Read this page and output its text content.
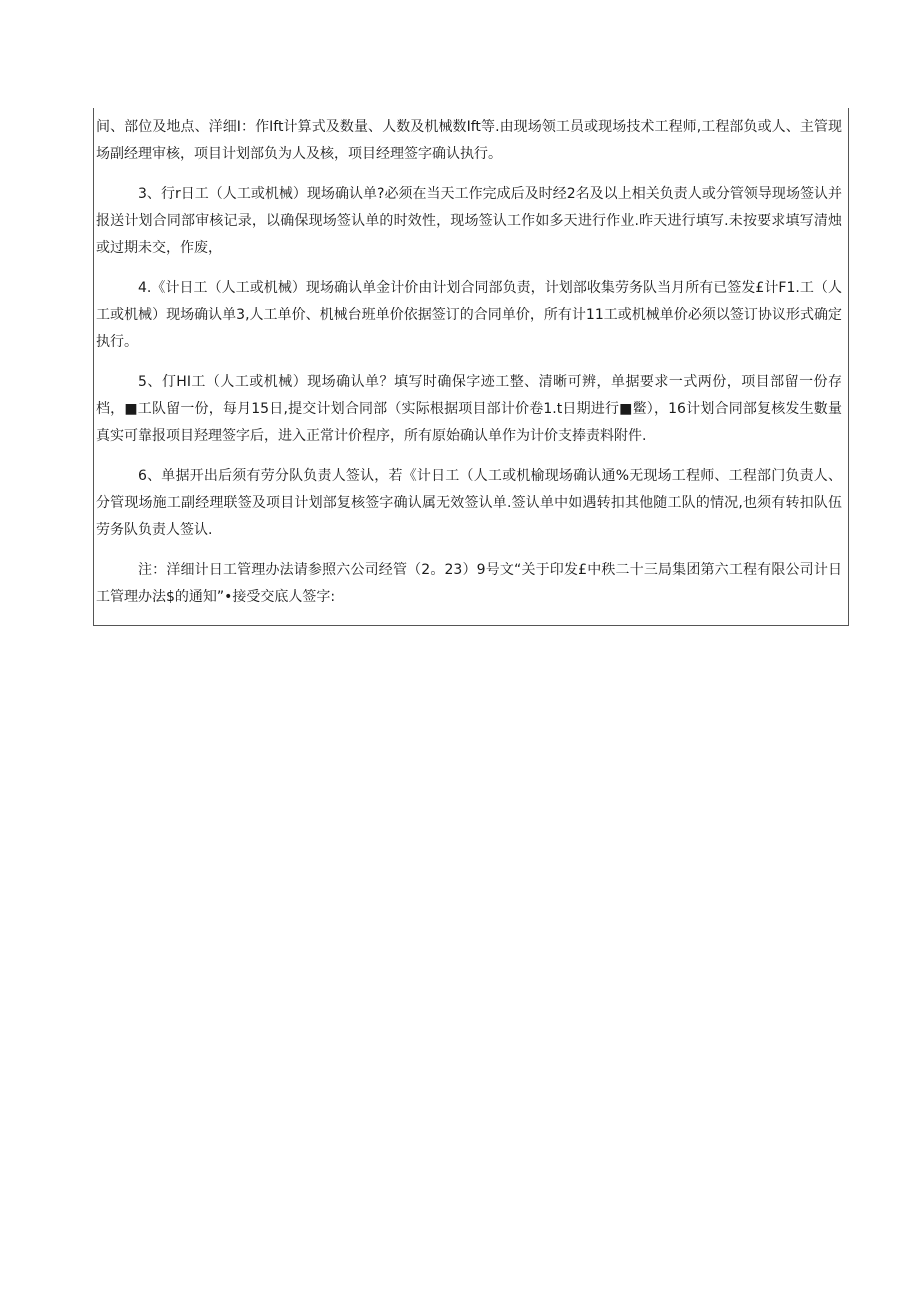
间、部位及地点、洋细I：作Ift计算式及数量、人数及机械数Ift等.由现场领工员或现场技术工程师,工程部负或人、主管现场副经理审核，项目计划部负为人及核，项目经理签字确认执行。

3、行r日工（人工或机械）现场确认单?必须在当天工作完成后及时经2名及以上相关负责人或分管领导现场签认并报送计划合同部审核记录，以确保现场签认单的时效性，现场签认工作如多天进行作业.昨天进行填写.未按要求填写清烛或过期未交，作废，

4.《计日工（人工或机械）现场确认单金计价由计划合同部负责，计划部收集劳务队当月所有已签发£计F1.工（人工或机械）现场确认单3,人工单价、机械台班单价依据签订的合同单价，所有计11工或机械单价必须以签订协议形式确定执行。

5、仃HI工（人工或机械）现场确认单？填写时确保字迹工整、清晰可辨，单据要求一式两份，项目部留一份存档，■工队留一份，每月15日,提交计划合同部（实际根据项目部计价卷1.t日期进行■鳖），16计划合同部复核发生數量真实可靠报项目羟理签字后，进入正常计价程序，所有原始确认单作为计价支捧责料附件.

6、单据开出后须有劳分队负责人签认，若《计日工（人工或机榆现场确认通%无现场工程师、工程部门负责人、分管现场施工副经理联签及项目计划部复核签字确认属无效签认单.签认单中如遇转扣其他随工队的情况,也须有转扣队伍劳务队负责人签认.

注：洋细计日工管理办法请参照六公司经管（2。23）9号文“关于印发£中秩二十三局集团第六工程有限公司计日工管理办法$的通知”•接受交底人签字:
